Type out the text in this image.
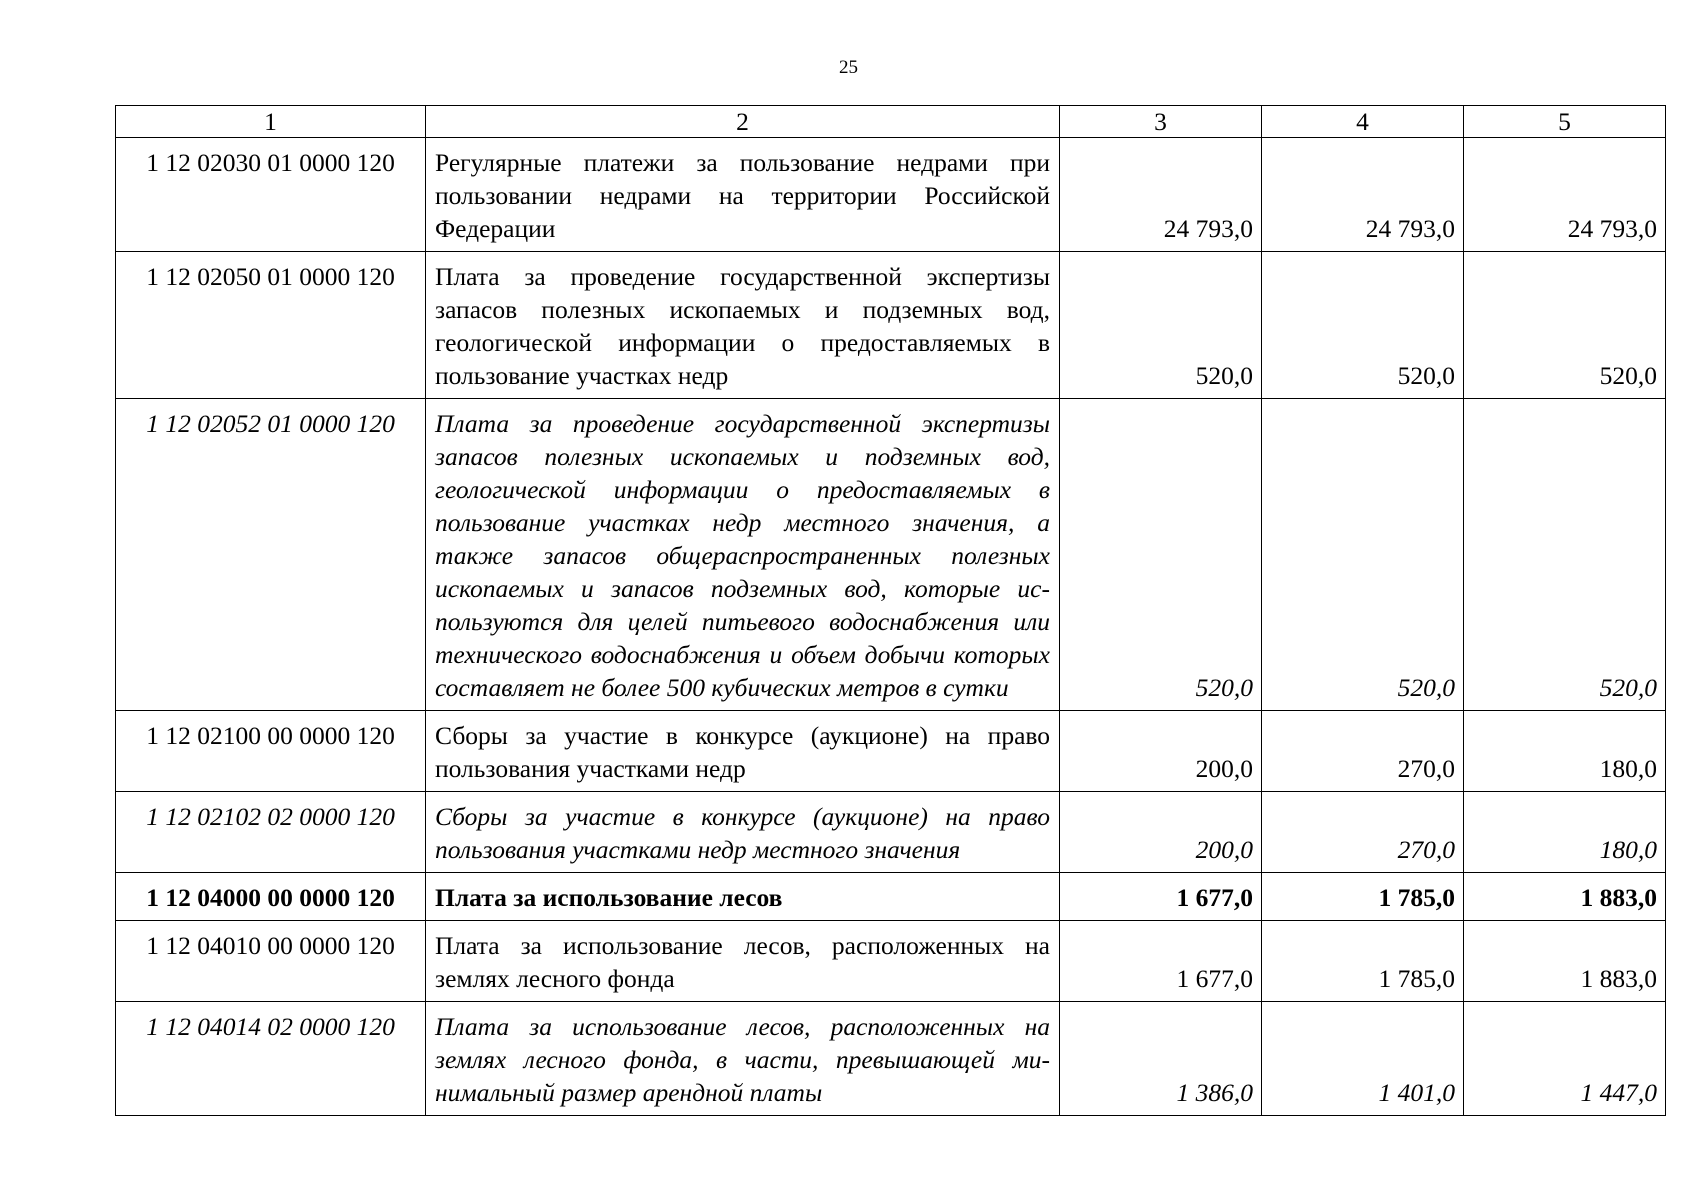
25
1	2	3	4	5
1 12 02030 01 0000 120	Регулярные платежи за пользование недрами при пользовании недрами на территории Российской Федерации	24 793,0	24 793,0	24 793,0
1 12 02050 01 0000 120	Плата за проведение государственной экспертизы запасов полезных ископаемых и подземных вод, геологической информации о предоставляемых в пользование участках недр	520,0	520,0	520,0
1 12 02052 01 0000 120	Плата за проведение государственной экспертизы запасов полезных ископаемых и подземных вод, геологической информации о предоставляемых в пользование участках недр местного значения, а также запасов общераспространенных полезных ископаемых и запасов подземных вод, которые используются для целей питьевого водоснабжения или технического водоснабжения и объем добычи которых составляет не более 500 кубических метров в сутки	520,0	520,0	520,0
1 12 02100 00 0000 120	Сборы за участие в конкурсе (аукционе) на право пользования участками недр	200,0	270,0	180,0
1 12 02102 02 0000 120	Сборы за участие в конкурсе (аукционе) на право пользования участками недр местного значения	200,0	270,0	180,0
1 12 04000 00 0000 120	Плата за использование лесов	1 677,0	1 785,0	1 883,0
1 12 04010 00 0000 120	Плата за использование лесов, расположенных на землях лесного фонда	1 677,0	1 785,0	1 883,0
1 12 04014 02 0000 120	Плата за использование лесов, расположенных на землях лесного фонда, в части, превышающей минимальный размер арендной платы	1 386,0	1 401,0	1 447,0
